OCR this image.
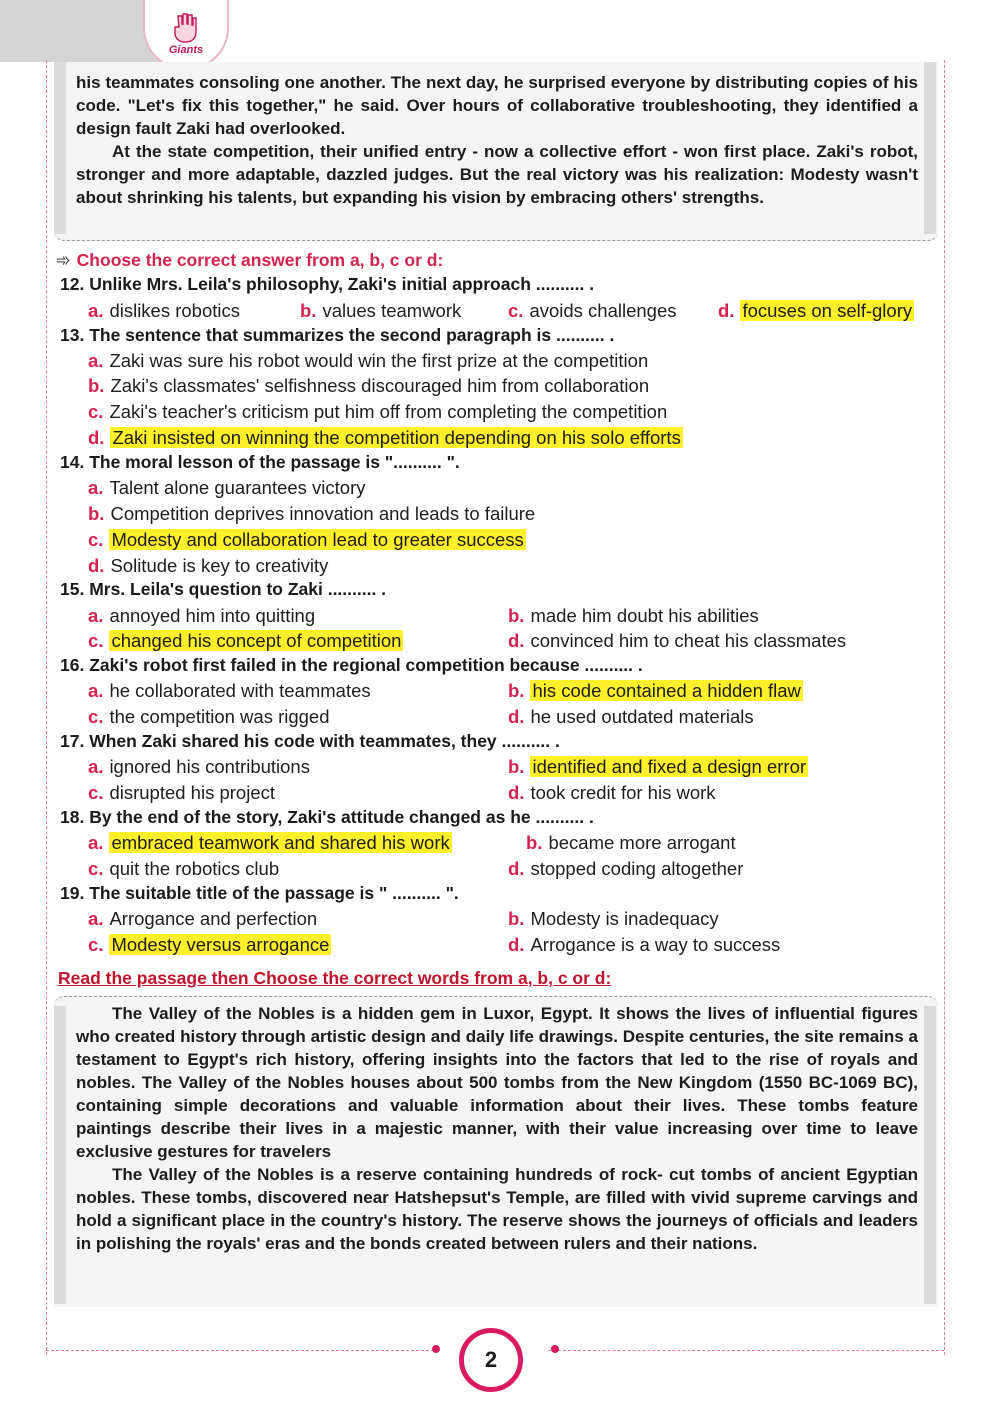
Giants

his teammates consoling one another. The next day, he surprised everyone by distributing copies of his code. "Let's fix this together," he said. Over hours of collaborative troubleshooting, they identified a design fault Zaki had overlooked.

At the state competition, their unified entry - now a collective effort - won first place. Zaki's robot, stronger and more adaptable, dazzled judges. But the real victory was his realization: Modesty wasn't about shrinking his talents, but expanding his vision by embracing others' strengths.

➾ Choose the correct answer from a, b, c or d:
12. Unlike Mrs. Leila's philosophy, Zaki's initial approach .......... .
a. dislikes robotics	b. values teamwork	c. avoids challenges d. focuses on self-glory
13. The sentence that summarizes the second paragraph is .......... .
a. Zaki was sure his robot would win the first prize at the competition
b. Zaki's classmates' selfishness discouraged him from collaboration
c. Zaki's teacher's criticism put him off from completing the competition
d. Zaki insisted on winning the competition depending on his solo efforts
14. The moral lesson of the passage is ".......... ".
a. Talent alone guarantees victory
b. Competition deprives innovation and leads to failure
c. Modesty and collaboration lead to greater success
d. Solitude is key to creativity
15. Mrs. Leila's question to Zaki .......... .
a. annoyed him into quitting	b. made him doubt his abilities
c. changed his concept of competition	d. convinced him to cheat his classmates
16. Zaki's robot first failed in the regional competition because .......... .
a. he collaborated with teammates	b. his code contained a hidden flaw
c. the competition was rigged	d. he used outdated materials
17. When Zaki shared his code with teammates, they .......... .
a. ignored his contributions	b. identified and fixed a design error
c. disrupted his project	d. took credit for his work
18. By the end of the story, Zaki's attitude changed as he .......... .
a. embraced teamwork and shared his work	b. became more arrogant
c. quit the robotics club	d. stopped coding altogether
19. The suitable title of the passage is " .......... ".
a. Arrogance and perfection	b. Modesty is inadequacy
c. Modesty versus arrogance	d. Arrogance is a way to success
Read the passage then Choose the correct words from a, b, c or d:

The Valley of the Nobles is a hidden gem in Luxor, Egypt. It shows the lives of influential figures who created history through artistic design and daily life drawings. Despite centuries, the site remains a testament to Egypt's rich history, offering insights into the factors that led to the rise of royals and nobles. The Valley of the Nobles houses about 500 tombs from the New Kingdom (1550 BC-1069 BC), containing simple decorations and valuable information about their lives. These tombs feature paintings describe their lives in a majestic manner, with their value increasing over time to leave exclusive gestures for travelers

The Valley of the Nobles is a reserve containing hundreds of rock- cut tombs of ancient Egyptian nobles. These tombs, discovered near Hatshepsut's Temple, are filled with vivid supreme carvings and hold a significant place in the country's history. The reserve shows the journeys of officials and leaders in polishing the royals' eras and the bonds created between rulers and their nations.

2
